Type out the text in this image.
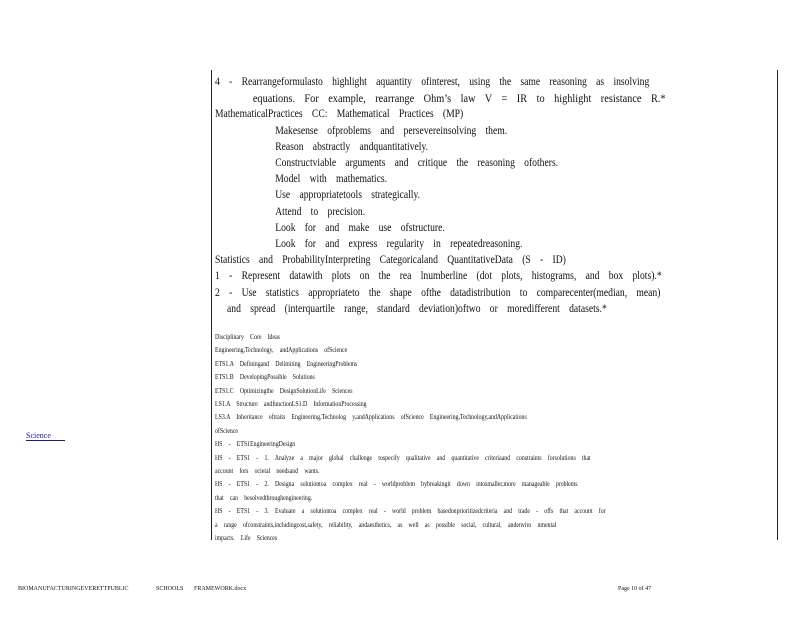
4 - Rearrangeformulasto highlight aquantity ofinterest, using the same reasoning as insolving
equations. For example, rearrange Ohm’s law V = IR to highlight resistance R.*
MathematicalPractices CC: Mathematical Practices (MP)
Makesense ofproblems and persevereinsolving them.
Reason abstractly andquantitatively.
Constructviable arguments and critique the reasoning ofothers.
Model with mathematics.
Use appropriatetools strategically.
Attend to precision.
Look for and make use ofstructure.
Look for and express regularity in repeatedreasoning.
Statistics and ProbabilityInterpreting Categoricaland QuantitativeData (S - ID)
1 - Represent datawith plots on the rea lnumberline (dot plots, histograms, and box plots).*
2 - Use statistics appropriateto the shape ofthe datadistribution to comparecenter(median, mean)
and spread (interquartile range, standard deviation)oftwo or moredifferent datasets.*
Disciplinary Core Ideas
Engineering,Technology, andApplications ofScience
ETS1.A Definingand Delimiting EngineeringProblems
ETS1.B DevelopingPossible Solutions
ETS1.C Optimizingthe DesignSolutionLife Sciences
LS1.A Structure andfunctionLS1.D InformationProcessing
LS3.A Inheritance oftraits Engineering,Technolog y,andApplications ofScience Engineering,Technology,andApplications
ofScience
HS - ETS1EngineeringDesign
HS - ETS1 - 1. Analyze a major global challenge tospecify qualitative and quantitative criteriaand constraints forsolutions that
account fors ocietal needsand wants.
HS - ETS1 - 2. Designa solutiontoa complex real - worldproblem bybreakingit down intosmaller,more manageable problems
that can besolvedthroughengineering.
HS - ETS1 - 3. Evaluate a solutiontoa complex real - world problem basedonprioritizedcriteria and trade - offs that account for
a range ofconstraints,includingcost,safety, reliability, andaesthetics, as well as possible social, cultural, andenviro nmental
impacts. Life Sciences
Science
BIOMANUFACTURINGEVERETTPUBLIC	SCHOOLS FRAMEWORK.docx	Page 10 of 47
